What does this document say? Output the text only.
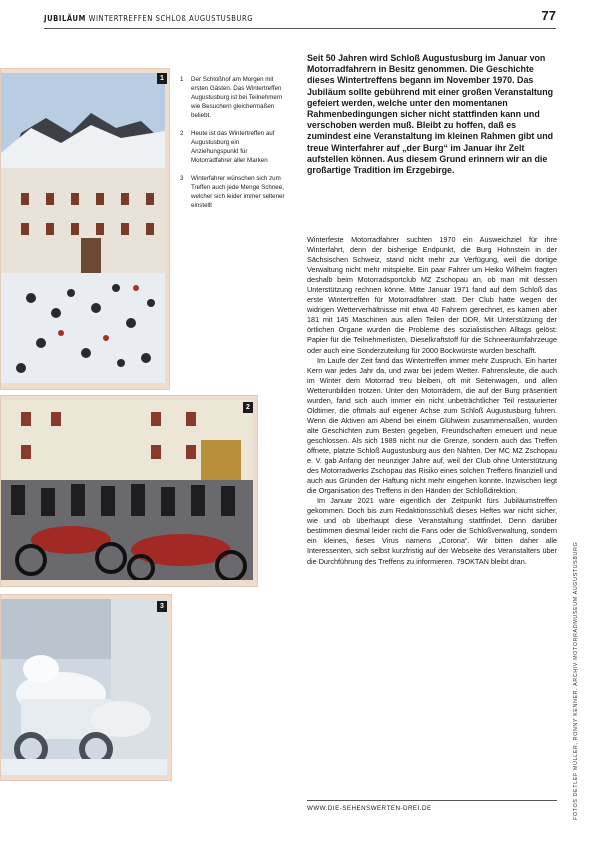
JUBILÄUM WINTERTREFFEN SCHLOß AUGUSTUSBURG	77
1
2
3
1	Der Schloßhof am Morgen mit ersten Gästen. Das Wintertreffen Augustusburg ist bei Teilnehmern wie Besuchern gleichermaßen beliebt.
2	Heute ist das Wintertreffen auf Augustusburg ein Anziehungspunkt für Motorradfahrer aller Marken
3	Winterfahrer wünschen sich zum Treffen auch jede Menge Schnee, welcher sich leider immer seltener einstellt
Seit 50 Jahren wird Schloß Augustusburg im Januar von Motorradfahrern in Besitz genommen. Die Geschichte dieses Wintertreffens begann im November 1970. Das Jubiläum sollte gebührend mit einer großen Veranstaltung gefeiert werden, welche unter den momentanen Rahmenbedingungen sicher nicht stattfinden kann und verschoben werden muß. Bleibt zu hoffen, daß es zumindest eine Veranstaltung im kleinen Rahmen gibt und treue Winterfahrer auf „der Burg“ im Januar ihr Zelt aufstellen können. Aus diesem Grund erinnern wir an die großartige Tradition im Erzgebirge.

Winterfeste Motorradfahrer suchten 1970 ein Ausweichziel für ihre Winterfahrt, denn der bisherige Endpunkt, die Burg Hohnstein in der Sächsischen Schweiz, stand nicht mehr zur Verfügung, weil die dortige Verwaltung nicht mehr mitspielte. Ein paar Fahrer um Heiko Wilhelm fragten deshalb beim Motorradsportclub MZ Zschopau an, ob man mit dessen Unterstützung rechnen könne. Mitte Januar 1971 fand auf dem Schloß das erste Wintertreffen für Motorradfahrer statt. Der Club hatte wegen der widrigen Wetterverhältnisse mit etwa 40 Fahrern gerechnet, es kamen aber 181 mit 145 Maschinen aus allen Teilen der DDR. Mit Unterstützung der örtlichen Organe wurden die Probleme des sozialistischen Alltags gelöst: Papier für die Teilnehmerlisten, Dieselkraftstoff für die Schneeräumfahrzeuge oder auch eine Sonderzuteilung für 2000 Bockwürste wurden beschafft.

Im Laufe der Zeit fand das Wintertreffen immer mehr Zuspruch. Ein harter Kern war jedes Jahr da, und zwar bei jedem Wetter. Fahrensleute, die auch im Winter dem Motorrad treu bleiben, oft mit Seitenwagen, und allen Wetterunbilden trotzen. Unter den Motorrädern, die auf der Burg präsentiert wurden, fand sich auch immer ein nicht unbeträchtlicher Teil restaurierter Oldtimer, die oftmals auf eigener Achse zum Schloß Augustusburg fuhren. Wenn die Aktiven am Abend bei einem Glühwein zusammensaßen, wurden alte Geschichten zum Besten gegeben, Freundschaften erneuert und neue geschlossen. Als sich 1989 nicht nur die Grenze, sondern auch das Treffen öffnete, platzte Schloß Augustusburg aus den Nähten. Der MC MZ Zschopau e. V. gab Anfang der neunziger Jahre auf, weil der Club ohne Unterstützung des Motorradwerks Zschopau das Risiko eines solchen Treffens finanziell und auch aus Gründen der Haftung nicht mehr eingehen konnte. Inzwischen liegt die Organisation des Treffens in den Händen der Schloßdirektion.

Im Januar 2021 wäre eigentlich der Zeitpunkt fürs Jubiläumstreffen gekommen. Doch bis zum Redaktionsschluß dieses Heftes war nicht sicher, wie und ob überhaupt diese Veranstaltung stattfindet. Denn darüber bestimmen diesmal leider nicht die Fans oder die Schloßverwaltung, sondern ein kleines, fieses Virus namens „Corona“. Wir bitten daher alle Interessenten, sich selbst kurzfristig auf der Webseite des Veranstalters über die Durchführung des Treffens zu informieren. 79OKTAN bleibt dran.

WWW.DIE-SEHENSWERTEN-DREI.DE	FOTOS DETLEF MÜLLER, RONNY KENNER, ARCHIV MOTORRADMUSEUM AUGUSTUSBURG
